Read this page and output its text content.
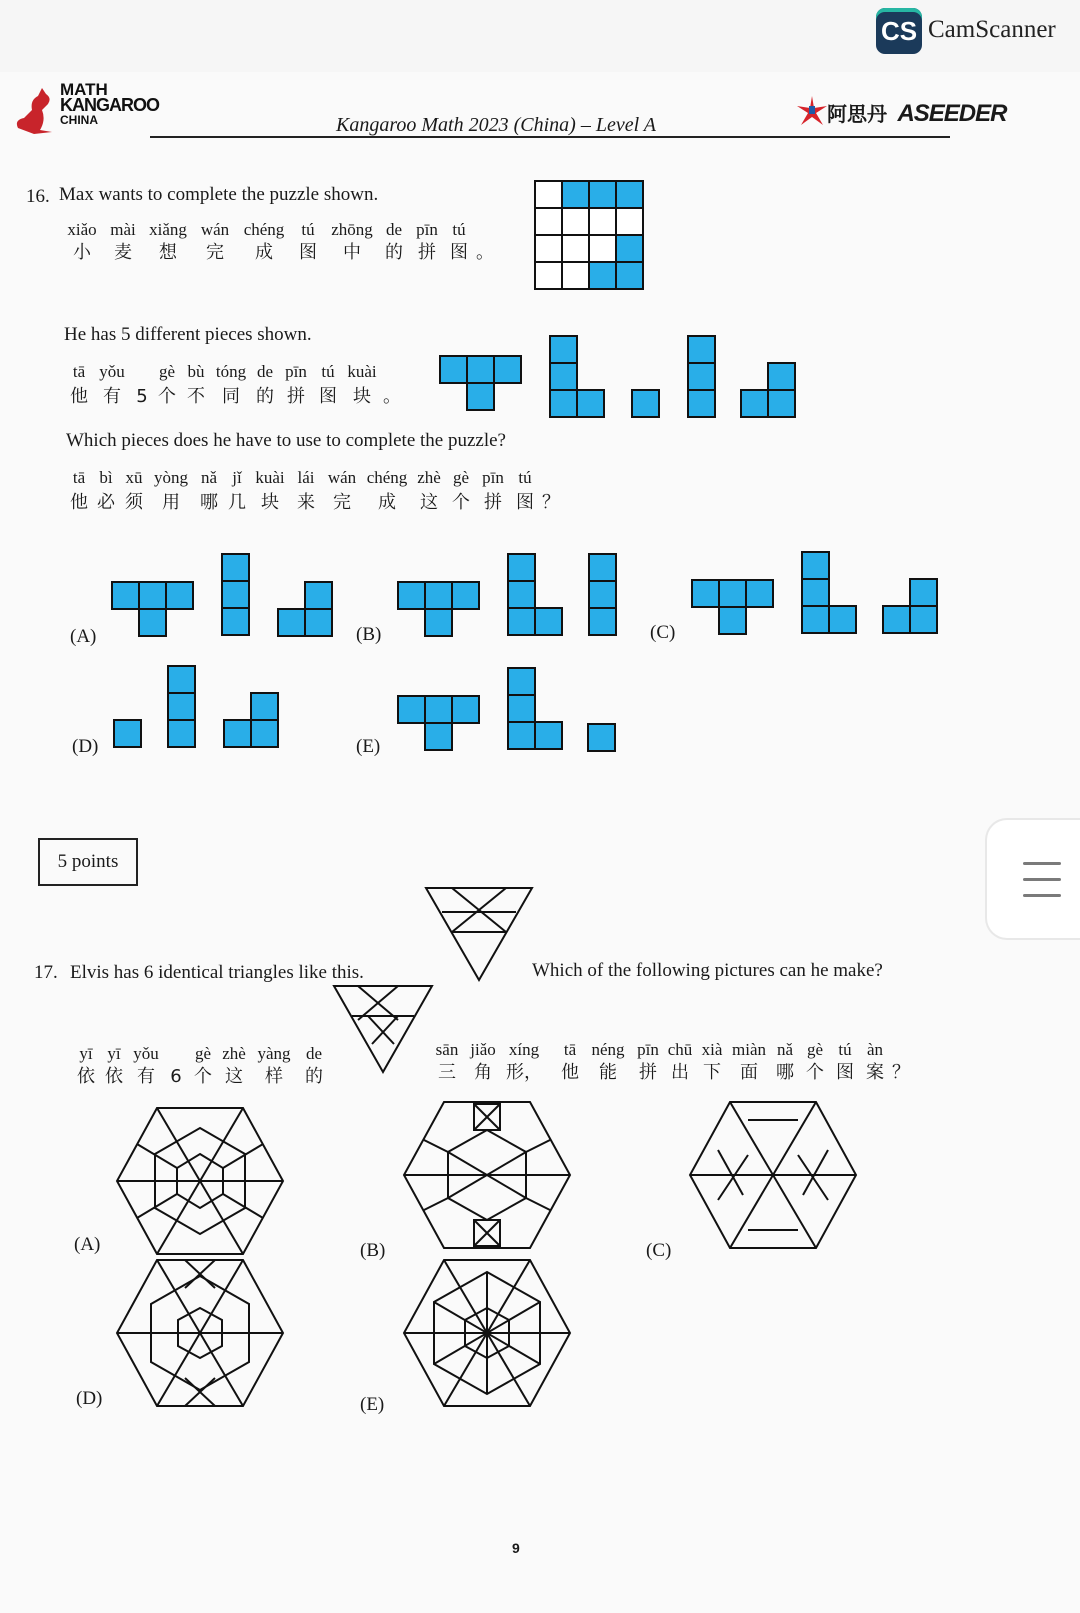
CS CamScanner
MATH
KANGAROO
CHINA	Kangaroo Math 2023 (China) – Level A	阿思丹 ASEEDER
16. Max wants to complete the puzzle shown.
xiǎo mài xiǎng wán chéng tú zhōng de pīn tú
小 麦 想 完 成 图 中 的 拼 图 。
He has 5 different pieces shown.
tā yǒu gè bù tóng de pīn tú kuài
他 有 5 个 不 同 的 拼 图 块 。
Which pieces does he have to use to complete the puzzle?
tā bì xū yòng nǎ jǐ kuài lái wán chéng zhè gè pīn tú
他 必 须 用 哪 几 块 来 完 成 这 个 拼 图 ？
(A)	(B)	(C)
(D)	(E)
5 points
17. Elvis has 6 identical triangles like this.	Which of the following pictures can he make?
yī yī yǒu gè zhè yàng de
依 依 有 6 个 这 样 的
sān jiǎo xíng tā néng pīn chū xià miàn nǎ gè tú àn
三 角 形， 他 能 拼 出 下 面 哪 个 图 案 ？
(A)	(B)	(C)
(D)	(E)
9
